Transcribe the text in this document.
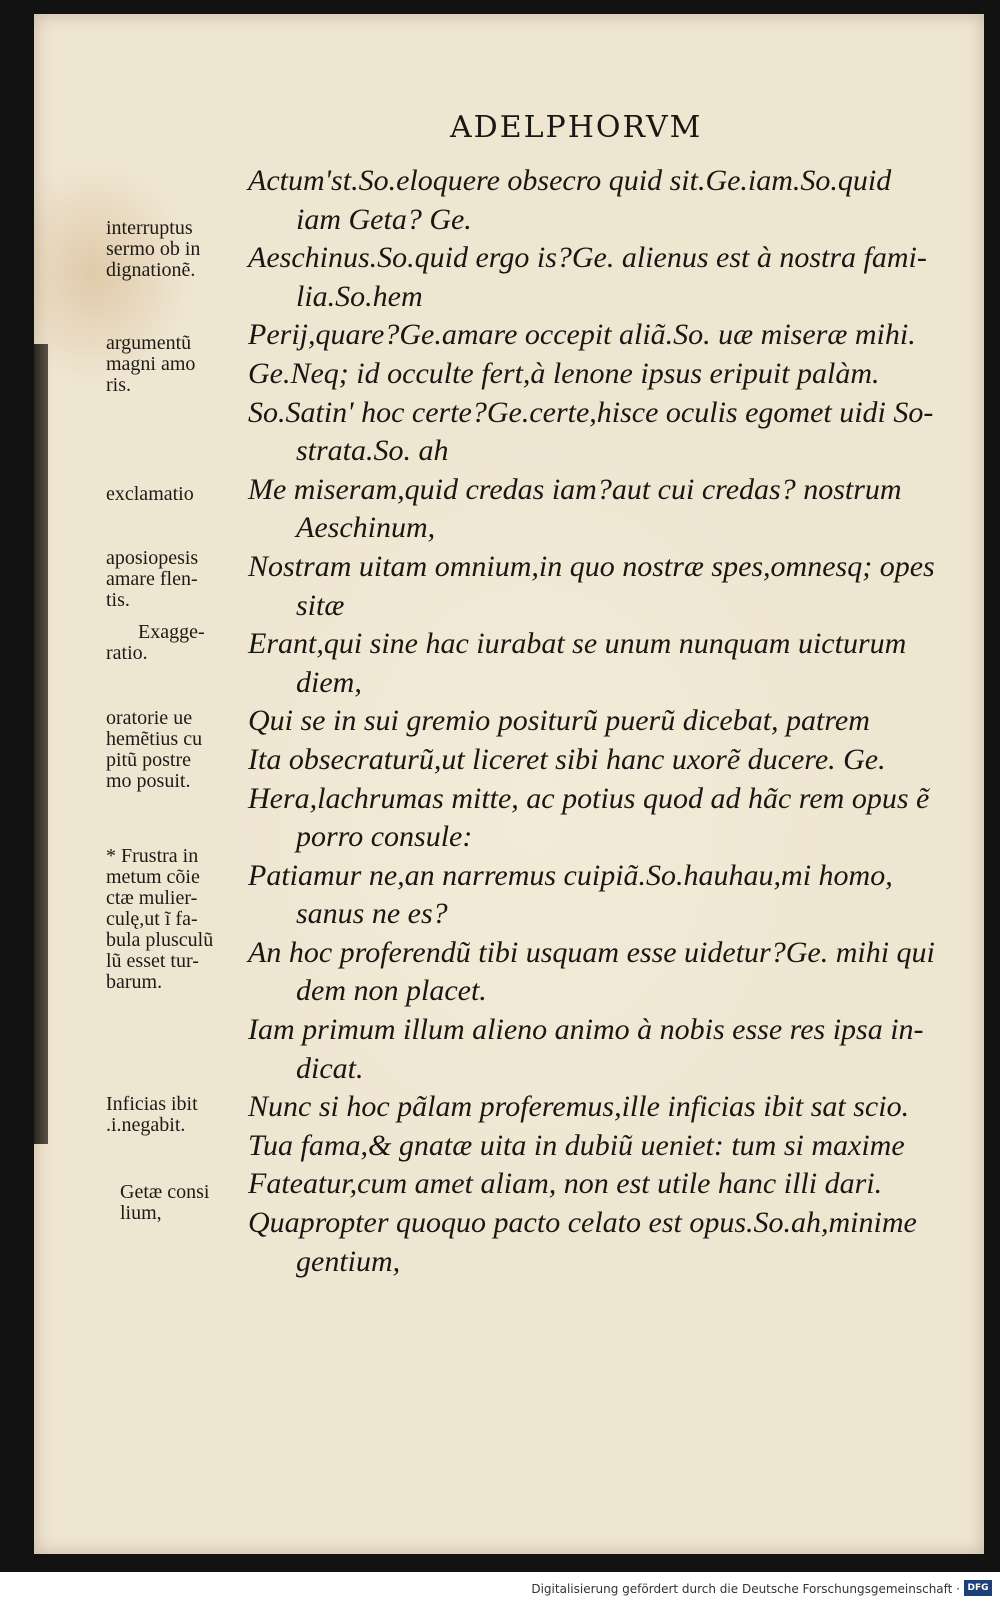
ADELPHORVM
Actum'st.So.eloquere obsecro quid sit.Ge.iam.So.quid
iam Geta? Ge.
Aeschinus.So.quid ergo is?Ge. alienus est à nostra fami-
lia.So.hem
Perij,quare?Ge.amare occepit aliã.So. uæ miseræ mihi.
Ge.Neq; id occulte fert,à lenone ipsus eripuit palàm.
So.Satin' hoc certe?Ge.certe,hisce oculis egomet uidi So-
strata.So. ah
Me miseram,quid credas iam?aut cui credas? nostrum
Aeschinum,
Nostram uitam omnium,in quo nostræ spes,omnesq; opes
sitæ
Erant,qui sine hac iurabat se unum nunquam uicturum
diem,
Qui se in sui gremio positurũ puerũ dicebat, patrem
Ita obsecraturũ,ut liceret sibi hanc uxorẽ ducere. Ge.
Hera,lachrumas mitte, ac potius quod ad hãc rem opus ẽ
porro consule:
Patiamur ne,an narremus cuipiã.So.hauhau,mi homo,
sanus ne es?
An hoc proferendũ tibi usquam esse uidetur?Ge. mihi qui
dem non placet.
Iam primum illum alieno animo à nobis esse res ipsa in-
dicat.
Nunc si hoc pãlam proferemus,ille inficias ibit sat scio.
Tua fama,& gnatæ uita in dubiũ ueniet: tum si maxime
Fateatur,cum amet aliam, non est utile hanc illi dari.
Quapropter quoquo pacto celato est opus.So.ah,minime
gentium,
interruptus
sermo ob in
dignationẽ.
argumentũ
magni amo
ris.
exclamatio
aposiopesis
amare flen-
tis.
Exagge-
ratio.
oratorie ue
hemẽtius cu
pitũ postre
mo posuit.
* Frustra in
metum cõie
ctæ mulier-
culę,ut ĩ fa-
bula plusculũ
lũ esset tur-
barum.
Inficias ibit
.i.negabit.
Getæ consi
lium,
Digitalisierung gefördert durch die Deutsche Forschungsgemeinschaft · DFG
